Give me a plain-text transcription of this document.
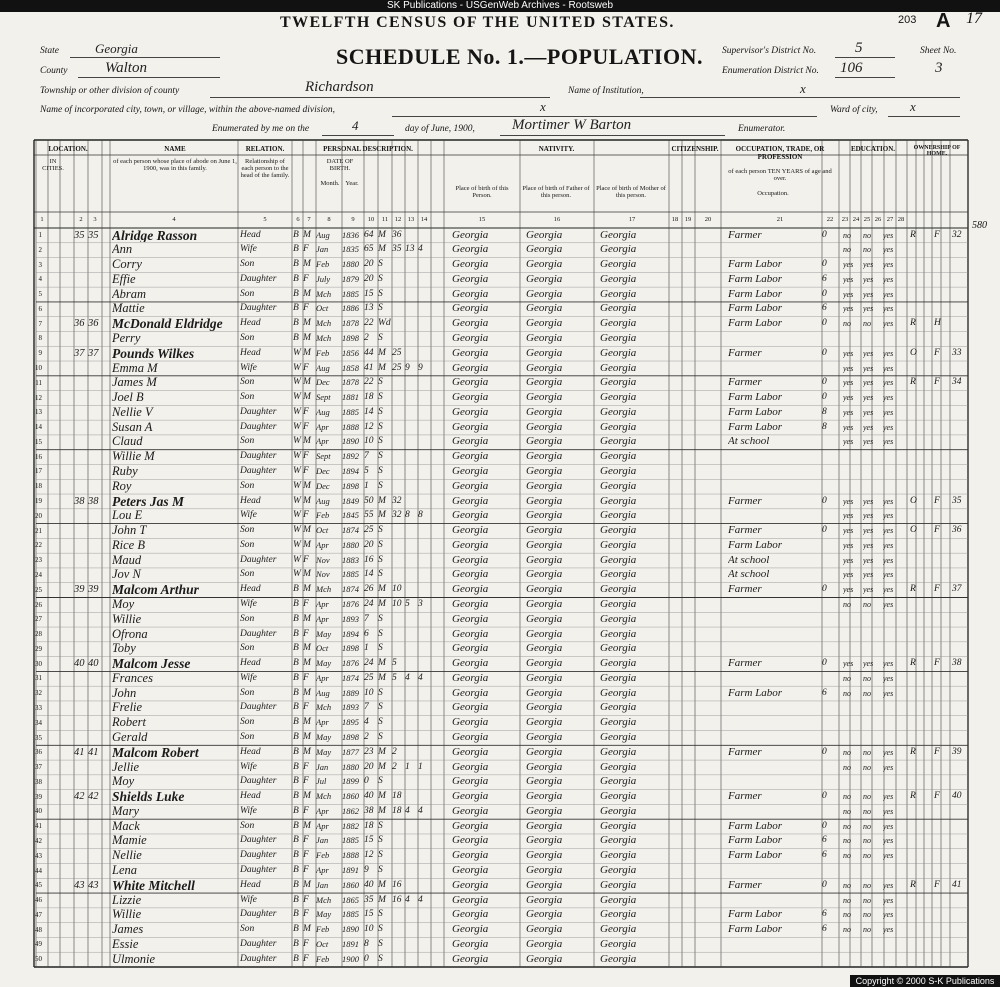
SK Publications - USGenWeb Archives - Rootsweb
203 A 17
TWELFTH CENSUS OF THE UNITED STATES.
SCHEDULE No. 1.—POPULATION.
State	Georgia
County	Walton
Township or other division of county	Richardson	Name of Institution,	x
Name of incorporated city, town, or village, within the above-named division,	x	Ward of city, x
Enumerated by me on the	4	day of June, 1900, Mortimer W Barton	Enumerator.
Supervisor's District No.	5
Enumeration District No. 106
Sheet No.
3
580
LOCATION.	NAME	RELATION.	PERSONAL DESCRIPTION.	NATIVITY.	CITIZENSHIP.	OCCUPATION, TRADE, OR PROFESSION
EDUCATION.	OWNERSHIP OF HOME.
IN CITIES.
of each person whose place of abode on June 1, 1900, was in this family.
Relationship of each person to the head of the family.
DATE OF BIRTH.
Month. Year.
Place of birth of this Person.
Place of birth of Father of this person.
Place of birth of Mother of this person.
of each person TEN YEARS of age and over.
Occupation.
1	2	3	4	5	6	7	8	9	10	11	12	13	14	15	16	17	18	19	20	21	22	23 24 25 26 27 28
1	35 35 Alridge Rasson	Head	B M Aug	1836 64 M 36	Georgia	Georgia	Georgia	Farmer	0	no	no	yes	R	F	32
2	Ann	Wife	B F Jan	1835 65 M 35 13 4	Georgia	Georgia	Georgia	no	no	yes
3	Corry	Son	B M Feb	1880 20 S	Georgia	Georgia	Georgia	Farm Labor	0	yes	yes	yes
4	Effie	Daughter	B F July	1879 20 S	Georgia	Georgia	Georgia	Farm Labor	6	yes	yes	yes
5	Abram	Son	B M Mch	1885 15 S	Georgia	Georgia	Georgia	Farm Labor	0	yes	yes	yes
6	Mattie	Daughter	B F Oct	1886 13 S	Georgia	Georgia	Georgia	Farm Labor	6	yes	yes	yes
7	36 36 McDonald Eldridge	Head	B M Mch	1878 22 Wd	Georgia	Georgia	Georgia	Farm Labor	0	no	no	yes	R	H
8	Perry	Son	B M Mch	1898 2 S	Georgia	Georgia	Georgia
9	37 37 Pounds Wilkes	Head	W M Feb	1856 44 M 25	Georgia	Georgia	Georgia	Farmer	0	yes	yes	yes	O	F	33
10	Emma M	Wife	W F Aug	1858 41 M 25 9 9	Georgia	Georgia	Georgia	yes	yes	yes
11	James M	Son	W M Dec	1878 22 S	Georgia	Georgia	Georgia	Farmer	0	yes	yes	yes	R	F	34
12	Joel B	Son	W M Sept	1881 18 S	Georgia	Georgia	Georgia	Farm Labor	0	yes	yes	yes
13	Nellie V	Daughter	W F Aug	1885 14 S	Georgia	Georgia	Georgia	Farm Labor	8	yes	yes	yes
14	Susan A	Daughter	W F Apr	1888 12 S	Georgia	Georgia	Georgia	Farm Labor	8	yes	yes	yes
15	Claud	Son	W M Apr	1890 10 S	Georgia	Georgia	Georgia	At school	yes	yes	yes
16	Willie M	Daughter	W F Sept	1892 7 S	Georgia	Georgia	Georgia
17	Ruby	Daughter	W F Dec	1894 5 S	Georgia	Georgia	Georgia
18	Roy	Son	W M Dec	1898 1 S	Georgia	Georgia	Georgia
19	38 38 Peters Jas M	Head	W M Aug	1849 50 M 32	Georgia	Georgia	Georgia	Farmer	0	yes	yes	yes	O	F	35
20	Lou E	Wife	W F Feb	1845 55 M 32 8 8	Georgia	Georgia	Georgia	yes	yes	yes
21	John T	Son	W M Oct	1874 25 S	Georgia	Georgia	Georgia	Farmer	0	yes	yes	yes	O	F	36
22	Rice B	Son	W M Apr	1880 20 S	Georgia	Georgia	Georgia	Farm Labor	yes	yes	yes
23	Maud	Daughter	W F Nov	1883 16 S	Georgia	Georgia	Georgia	At school	yes	yes	yes
24	Jov N	Son	W M Nov	1885 14 S	Georgia	Georgia	Georgia	At school	yes	yes	yes
25	39 39 Malcom Arthur	Head	B M Mch	1874 26 M 10	Georgia	Georgia	Georgia	Farmer	0	yes	yes	yes	R	F	37
26	Moy	Wife	B F Apr	1876 24 M 10 5 3	Georgia	Georgia	Georgia	no	no	yes
27	Willie	Son	B M Apr	1893 7 S	Georgia	Georgia	Georgia
28	Ofrona	Daughter	B F May	1894 6 S	Georgia	Georgia	Georgia
29	Toby	Son	B M Oct	1898 1 S	Georgia	Georgia	Georgia
30	40 40 Malcom Jesse	Head	B M May	1876 24 M 5	Georgia	Georgia	Georgia	Farmer	0	yes	yes	yes	R	F	38
31	Frances	Wife	B F Apr	1874 25 M 5 4 4	Georgia	Georgia	Georgia	no	no	yes
32	John	Son	B M Aug	1889 10 S	Georgia	Georgia	Georgia	Farm Labor	6	no	no	yes
33	Frelie	Daughter	B F Mch	1893 7 S	Georgia	Georgia	Georgia
34	Robert	Son	B M Apr	1895 4 S	Georgia	Georgia	Georgia
35	Gerald	Son	B M May	1898 2 S	Georgia	Georgia	Georgia
36	41 41 Malcom Robert	Head	B M May	1877 23 M 2	Georgia	Georgia	Georgia	Farmer	0	no	no	yes	R	F	39
37	Jellie	Wife	B F Jan	1880 20 M 2 1 1	Georgia	Georgia	Georgia	no	no	yes
38	Moy	Daughter	B F Jul	1899 0 S	Georgia	Georgia	Georgia
39	42 42 Shields Luke	Head	B M Mch	1860 40 M 18	Georgia	Georgia	Georgia	Farmer	0	no	no	yes	R	F	40
40	Mary	Wife	B F Apr	1862 38 M 18 4 4	Georgia	Georgia	Georgia	no	no	yes
41	Mack	Son	B M Apr	1882 18 S	Georgia	Georgia	Georgia	Farm Labor	0	no	no	yes
42	Mamie	Daughter	B F Jan	1885 15 S	Georgia	Georgia	Georgia	Farm Labor	6	no	no	yes
43	Nellie	Daughter	B F Feb	1888 12 S	Georgia	Georgia	Georgia	Farm Labor	6	no	no	yes
44	Lena	Daughter	B F Apr	1891 9 S	Georgia	Georgia	Georgia
45	43 43 White Mitchell	Head	B M Jan	1860 40 M 16	Georgia	Georgia	Georgia	Farmer	0	no	no	yes	R	F	41
46	Lizzie	Wife	B F Mch	1865 35 M 16 4 4	Georgia	Georgia	Georgia	no	no	yes
47	Willie	Daughter	B F May	1885 15 S	Georgia	Georgia	Georgia	Farm Labor	6	no	no	yes
48	James	Son	B M Feb	1890 10 S	Georgia	Georgia	Georgia	Farm Labor	6	no	no	yes
49	Essie	Daughter	B F Oct	1891 8 S	Georgia	Georgia	Georgia
50	Ulmonie	Daughter	B F Feb	1900 0 S	Georgia	Georgia	Georgia
Copyright © 2000 S-K Publications
